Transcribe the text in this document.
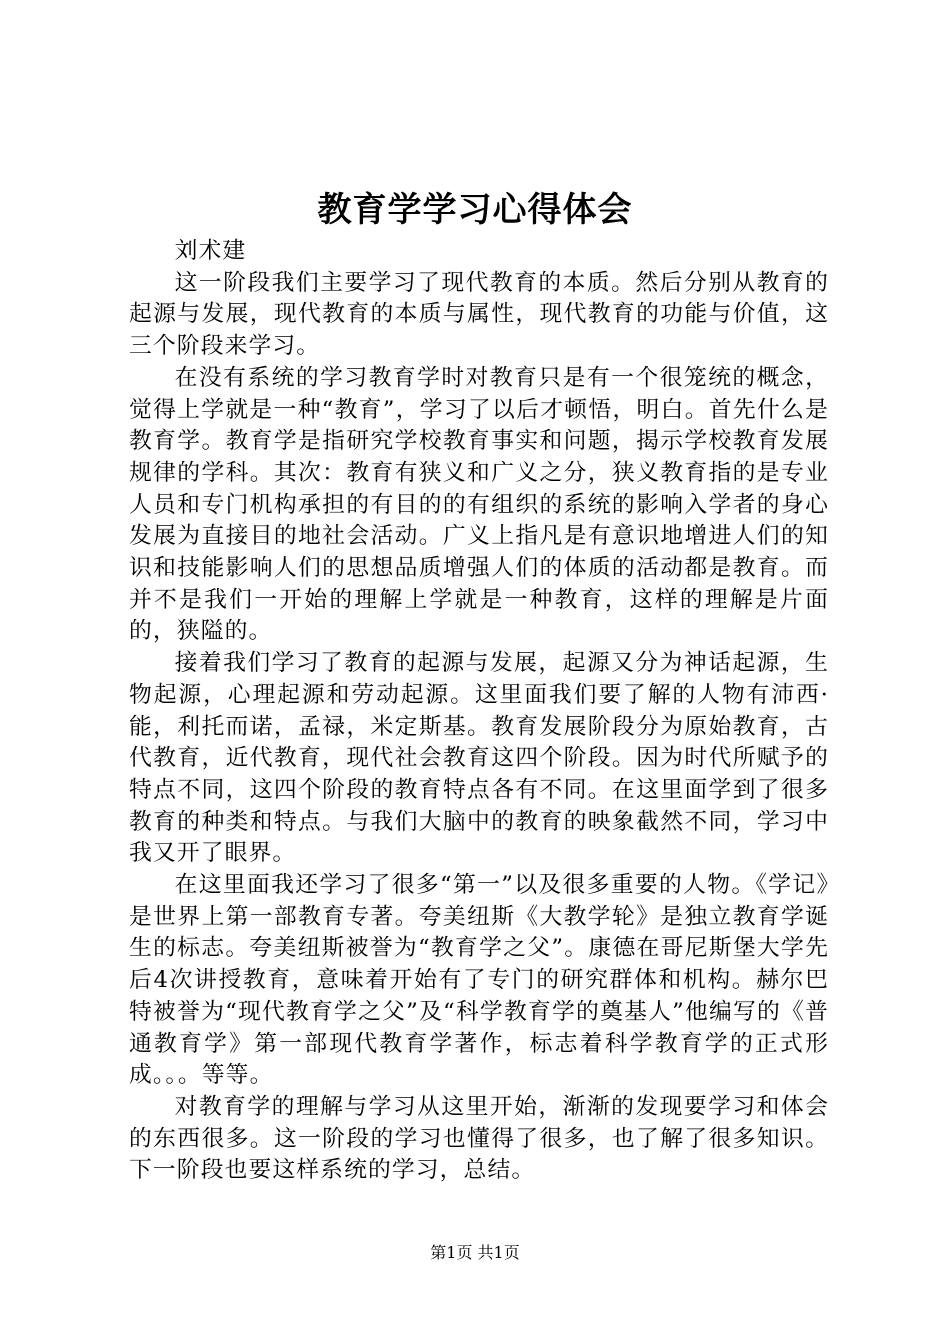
教育学学习心得体会

刘术建

这一阶段我们主要学习了现代教育的本质。然后分别从教育的起源与发展，现代教育的本质与属性，现代教育的功能与价值，这三个阶段来学习。

在没有系统的学习教育学时对教育只是有一个很笼统的概念，觉得上学就是一种“教育”，学习了以后才顿悟，明白。首先什么是教育学。教育学是指研究学校教育事实和问题，揭示学校教育发展规律的学科。其次：教育有狭义和广义之分，狭义教育指的是专业人员和专门机构承担的有目的的有组织的系统的影响入学者的身心发展为直接目的地社会活动。广义上指凡是有意识地增进人们的知识和技能影响人们的思想品质增强人们的体质的活动都是教育。而并不是我们一开始的理解上学就是一种教育，这样的理解是片面的，狭隘的。

接着我们学习了教育的起源与发展，起源又分为神话起源，生物起源，心理起源和劳动起源。这里面我们要了解的人物有沛西·能，利托而诺，孟禄，米定斯基。教育发展阶段分为原始教育，古代教育，近代教育，现代社会教育这四个阶段。因为时代所赋予的特点不同，这四个阶段的教育特点各有不同。在这里面学到了很多教育的种类和特点。与我们大脑中的教育的映象截然不同，学习中我又开了眼界。

在这里面我还学习了很多“第一”以及很多重要的人物。《学记》是世界上第一部教育专著。夸美纽斯《大教学轮》是独立教育学诞生的标志。夸美纽斯被誉为“教育学之父”。康德在哥尼斯堡大学先后4次讲授教育，意味着开始有了专门的研究群体和机构。赫尔巴特被誉为“现代教育学之父”及“科学教育学的奠基人”他编写的《普通教育学》第一部现代教育学著作，标志着科学教育学的正式形成。。。等等。

对教育学的理解与学习从这里开始，渐渐的发现要学习和体会的东西很多。这一阶段的学习也懂得了很多，也了解了很多知识。下一阶段也要这样系统的学习，总结。

第1页 共1页
